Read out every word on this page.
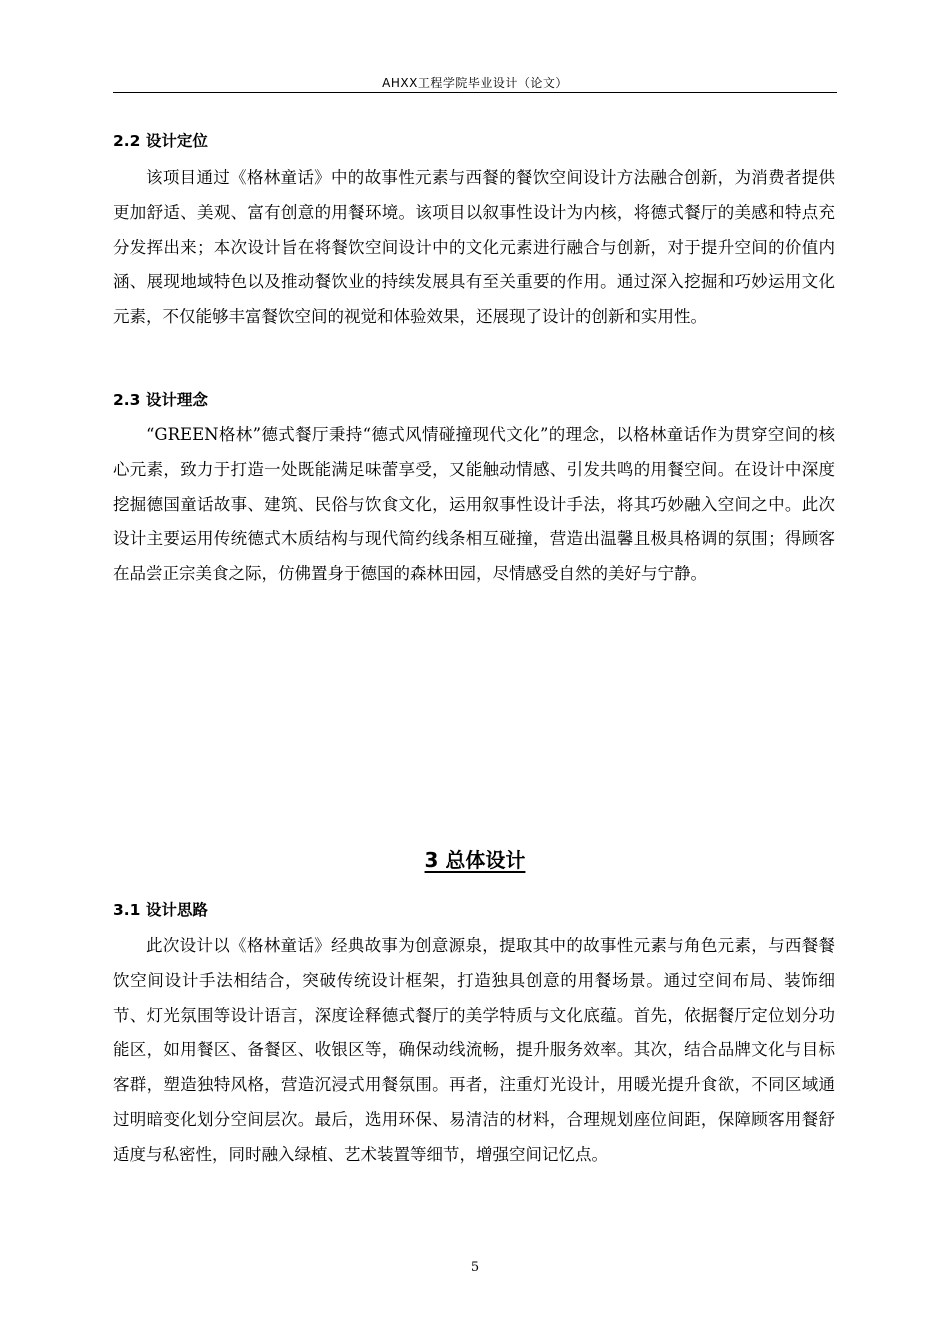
AHXX工程学院毕业设计（论文）
2.2 设计定位

该项目通过《格林童话》中的故事性元素与西餐的餐饮空间设计方法融合创新，为消费者提供更加舒适、美观、富有创意的用餐环境。该项目以叙事性设计为内核，将德式餐厅的美感和特点充分发挥出来；本次设计旨在将餐饮空间设计中的文化元素进行融合与创新，对于提升空间的价值内涵、展现地域特色以及推动餐饮业的持续发展具有至关重要的作用。通过深入挖掘和巧妙运用文化元素，不仅能够丰富餐饮空间的视觉和体验效果，还展现了设计的创新和实用性。

2.3 设计理念

“GREEN格林”德式餐厅秉持“德式风情碰撞现代文化”的理念，以格林童话作为贯穿空间的核心元素，致力于打造一处既能满足味蕾享受，又能触动情感、引发共鸣的用餐空间。在设计中深度挖掘德国童话故事、建筑、民俗与饮食文化，运用叙事性设计手法，将其巧妙融入空间之中。此次设计主要运用传统德式木质结构与现代简约线条相互碰撞，营造出温馨且极具格调的氛围；得顾客在品尝正宗美食之际，仿佛置身于德国的森林田园，尽情感受自然的美好与宁静。

3 总体设计
3.1 设计思路

此次设计以《格林童话》经典故事为创意源泉，提取其中的故事性元素与角色元素，与西餐餐饮空间设计手法相结合，突破传统设计框架，打造独具创意的用餐场景。通过空间布局、装饰细节、灯光氛围等设计语言，深度诠释德式餐厅的美学特质与文化底蕴。首先，依据餐厅定位划分功能区，如用餐区、备餐区、收银区等，确保动线流畅，提升服务效率。其次，结合品牌文化与目标客群，塑造独特风格，营造沉浸式用餐氛围。再者，注重灯光设计，用暖光提升食欲，不同区域通过明暗变化划分空间层次。最后，选用环保、易清洁的材料，合理规划座位间距，保障顾客用餐舒适度与私密性，同时融入绿植、艺术装置等细节，增强空间记忆点。

5
